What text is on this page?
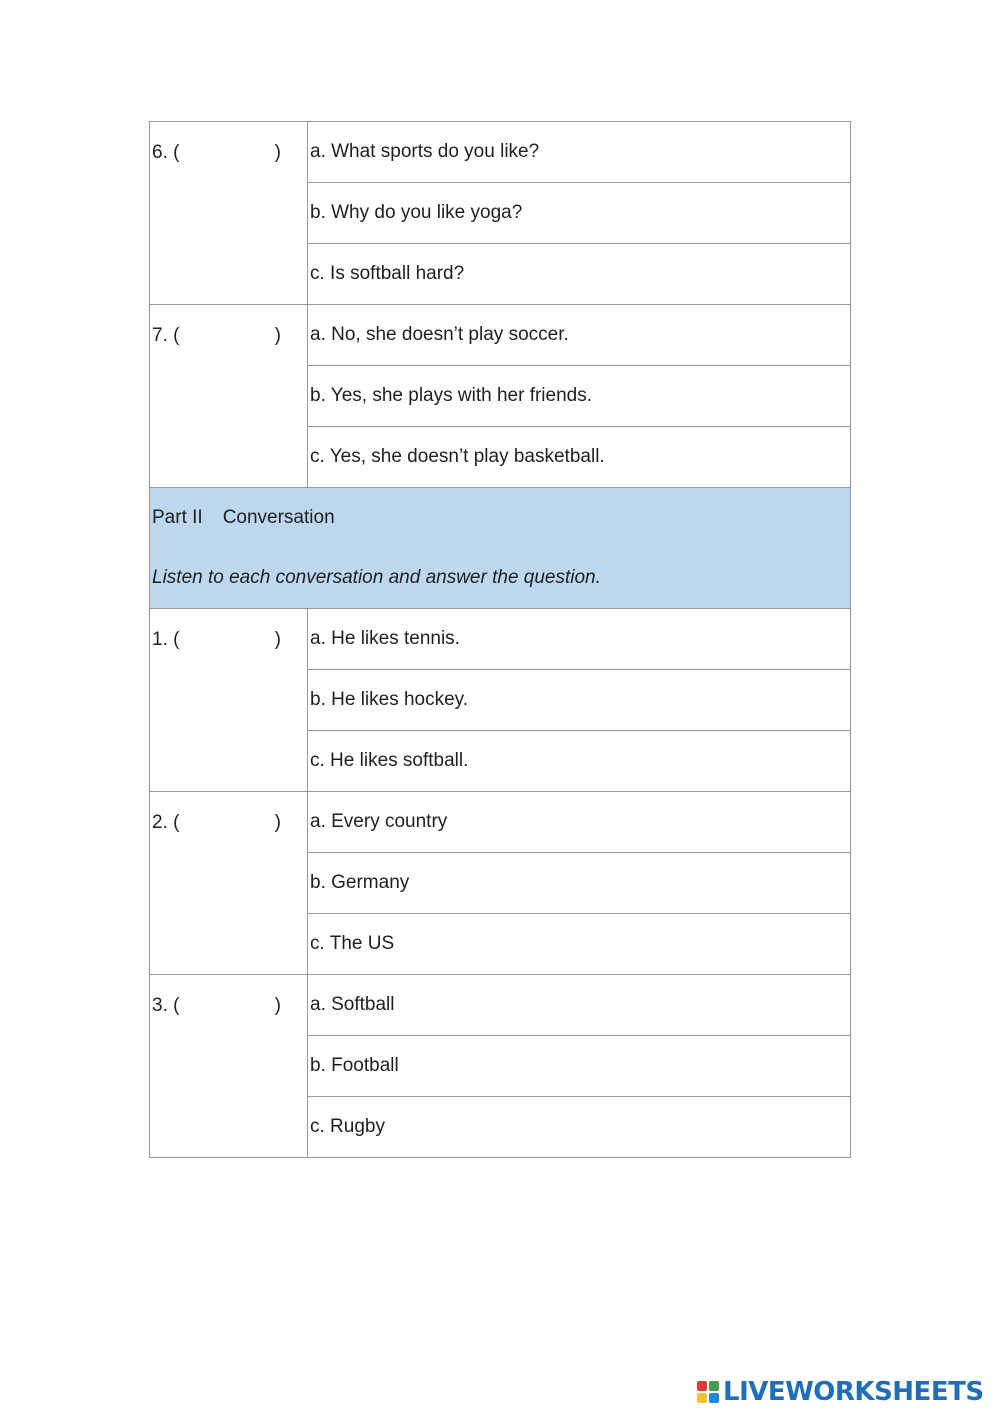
6. ( )	a. What sports do you like?
	b. Why do you like yoga?
	c. Is softball hard?

7. ( )	a. No, she doesn’t play soccer.
	b. Yes, she plays with her friends.
	c. Yes, she doesn’t play basketball.

Part II Conversation
Listen to each conversation and answer the question.	

1. ( )	a. He likes tennis.
	b. He likes hockey.
	c. He likes softball.

2. ( )	a. Every country
	b. Germany
	c. The US

3. ( )	a. Softball
	b. Football
	c. Rugby
LIVEWORKSHEETS
